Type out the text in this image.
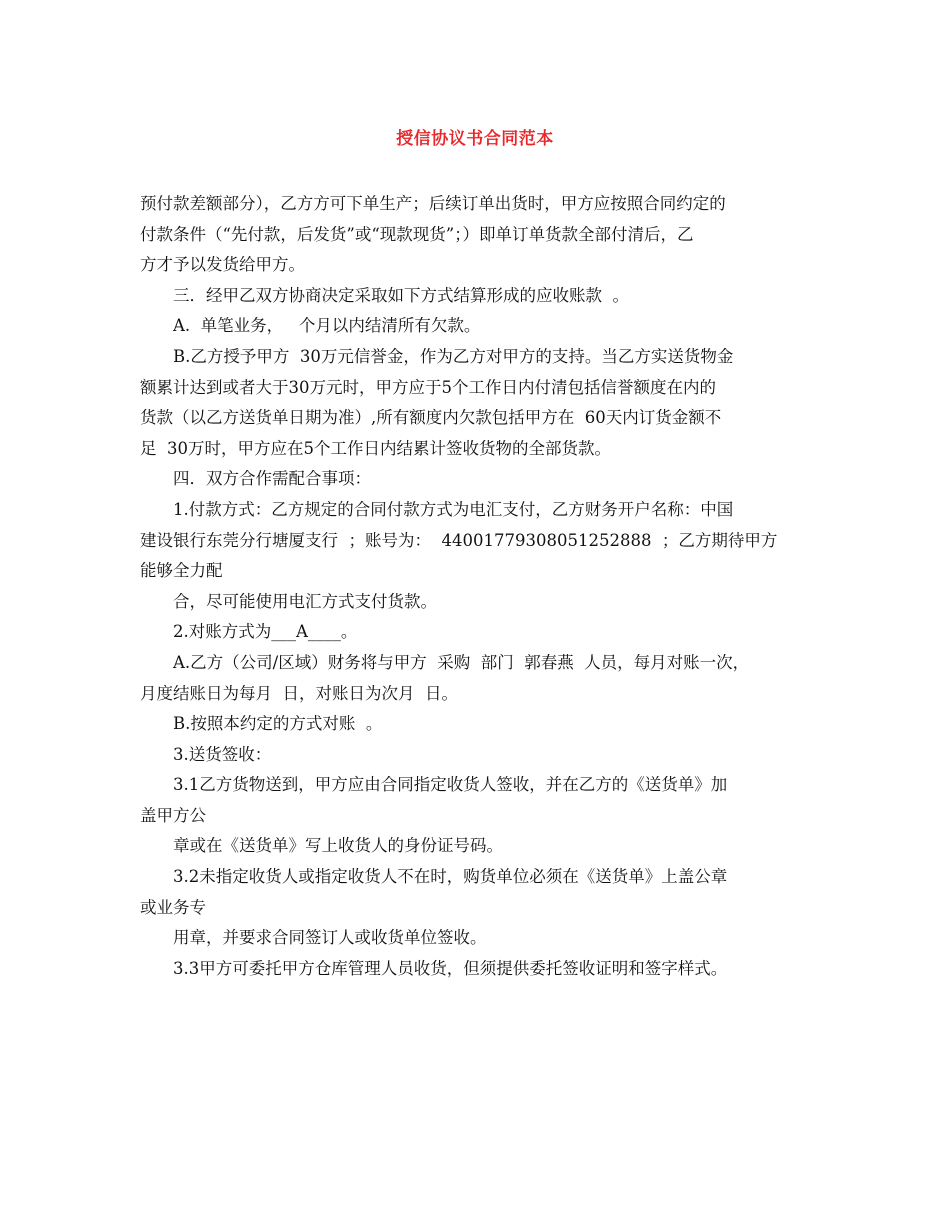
授信协议书合同范本
预付款差额部分），乙方方可下单生产；后续订单出货时，甲方应按照合同约定的
付款条件（“先付款，后发货”或“现款现货”；）即单订单货款全部付清后，乙
方才予以发货给甲方。
三．经甲乙双方协商决定采取如下方式结算形成的应收账款  。
A.  单笔业务，   个月以内结清所有欠款。
B.乙方授予甲方  30万元信誉金，作为乙方对甲方的支持。当乙方实送货物金
额累计达到或者大于30万元时，甲方应于5个工作日内付清包括信誉额度在内的
货款（以乙方送货单日期为准）,所有额度内欠款包括甲方在  60天内订货金额不
足  30万时，甲方应在5个工作日内结累计签收货物的全部货款。
四．双方合作需配合事项：
1.付款方式：乙方规定的合同付款方式为电汇支付，乙方财务开户名称：中国
建设银行东莞分行塘厦支行  ；账号为：  44001779308051252888  ；乙方期待甲方
能够全力配
合，尽可能使用电汇方式支付货款。
2.对账方式为___A____。
A.乙方（公司/区域）财务将与甲方  采购  部门  郭春燕  人员，每月对账一次，
月度结账日为每月  日，对账日为次月  日。
B.按照本约定的方式对账  。
3.送货签收：
3.1乙方货物送到，甲方应由合同指定收货人签收，并在乙方的《送货单》加
盖甲方公
章或在《送货单》写上收货人的身份证号码。
3.2未指定收货人或指定收货人不在时，购货单位必须在《送货单》上盖公章
或业务专
用章，并要求合同签订人或收货单位签收。
3.3甲方可委托甲方仓库管理人员收货，但须提供委托签收证明和签字样式。
